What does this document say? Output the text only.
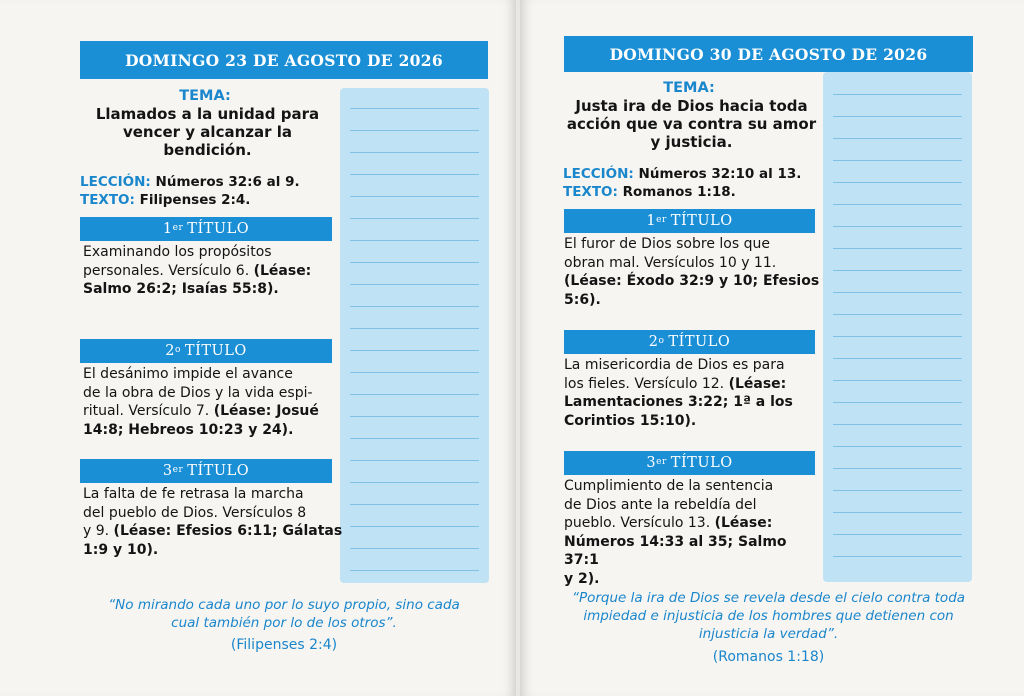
DOMINGO 23 DE AGOSTO DE 2026
TEMA:
Llamados a la unidad para
vencer y alcanzar la bendición.
LECCIÓN: Números 32:6 al 9.
TEXTO: Filipenses 2:4.
1er TÍTULO
Examinando los propósitos
personales. Versículo 6. (Léase:
Salmo 26:2; Isaías 55:8).
2$^o$ TÍTULO
El desánimo impide el avance
de la obra de Dios y la vida espi-
ritual. Versículo 7. (Léase: Josué
14:8; Hebreos 10:23 y 24).
3er TÍTULO
La falta de fe retrasa la marcha
del pueblo de Dios. Versículos 8
y 9. (Léase: Efesios 6:11; Gálatas
1:9 y 10).
“No mirando cada uno por lo suyo propio, sino cada
cual también por lo de los otros”.
(Filipenses 2:4)
DOMINGO 30 DE AGOSTO DE 2026
TEMA:
Justa ira de Dios hacia toda
acción que va contra su amor
y justicia.
LECCIÓN: Números 32:10 al 13.
TEXTO: Romanos 1:18.
1er TÍTULO
El furor de Dios sobre los que
obran mal. Versículos 10 y 11.
(Léase: Éxodo 32:9 y 10; Efesios
5:6).
2$^o$ TÍTULO
La misericordia de Dios es para
los fieles. Versículo 12. (Léase:
Lamentaciones 3:22; 1ª a los
Corintios 15:10).
3er TÍTULO
Cumplimiento de la sentencia
de Dios ante la rebeldía del
pueblo. Versículo 13. (Léase:
Números 14:33 al 35; Salmo 37:1
y 2).
“Porque la ira de Dios se revela desde el cielo contra toda
impiedad e injusticia de los hombres que detienen con
injusticia la verdad”.
(Romanos 1:18)
